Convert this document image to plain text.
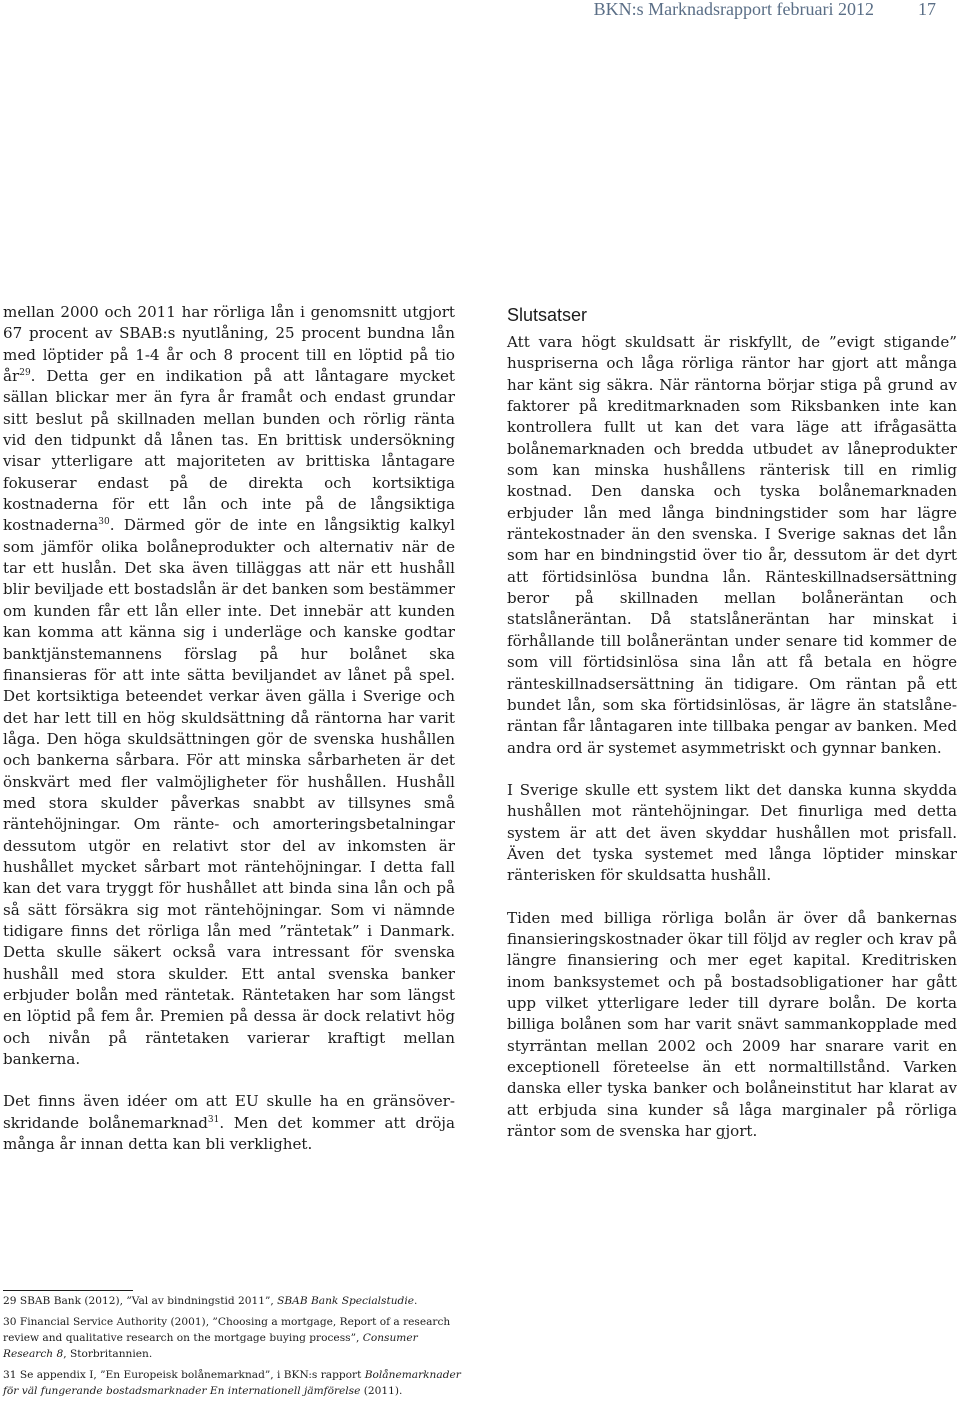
BKN:s Marknadsrapport februari 2012 17

mellan 2000 och 2011 har rörliga lån i genomsnitt utgjort 67 procent av SBAB:s nyutlåning, 25 procent bundna lån med löptider på 1-4 år och 8 procent till en löptid på tio $år^{29}$. Detta ger en indikation på att låntagare mycket sällan blickar mer än fyra år framåt och endast grundar sitt beslut på skillnaden mellan bunden och rörlig ränta vid den tidpunkt då lånen tas. En brittisk undersökning visar ytterligare att majoriteten av brittiska låntagare fokuserar endast på de direkta och kortsiktiga kostnaderna för ett lån och inte på de långsiktiga kostnaderna$^{30}$. Därmed gör de inte en långsiktig kalkyl som jämför olika bolåneprodukter och alternativ när de tar ett huslån. Det ska även tilläggas att när ett hushåll blir beviljade ett bostadslån är det banken som bestämmer om kunden får ett lån eller inte. Det innebär att kunden kan komma att känna sig i underläge och kanske godtar banktjänstemannens förslag på hur bolånet ska finansieras för att inte sätta beviljandet av lånet på spel. Det kortsiktiga beteendet verkar även gälla i Sverige och det har lett till en hög skuldsättning då räntorna har varit låga. Den höga skuldsättningen gör de svenska hushållen och bankerna sårbara. För att minska sårbarheten är det önskvärt med fler valmöjligheter för hushållen. Hushåll med stora skulder påverkas snabbt av tillsynes små räntehöjningar. Om ränte- och amorteringsbetalningar dessutom utgör en relativt stor del av inkomsten är hushållet mycket sårbart mot räntehöjningar. I detta fall kan det vara tryggt för hushållet att binda sina lån och på så sätt försäkra sig mot räntehöjningar. Som vi nämnde tidigare finns det rörliga lån med ”räntetak” i Danmark. Detta skulle säkert också vara intressant för svenska hushåll med stora skulder. Ett antal svenska banker erbjuder bolån med räntetak. Räntetaken har som längst en löptid på fem år. Premien på dessa är dock relativt hög och nivån på räntetaken varierar kraftigt mellan bankerna.

Det finns även idéer om att EU skulle ha en gränsöverskridande bolånemarknad$^{31}$. Men det kommer att dröja många år innan detta kan bli verklighet.

Slutsatser

Att vara högt skuldsatt är riskfyllt, de ”evigt stigande” huspriserna och låga rörliga räntor har gjort att många har känt sig säkra. När räntorna börjar stiga på grund av faktorer på kreditmarknaden som Riksbanken inte kan kontrollera fullt ut kan det vara läge att ifrågasätta bolånemarknaden och bredda utbudet av låneprodukter som kan minska hushållens ränterisk till en rimlig kostnad. Den danska och tyska bolånemarknaden erbjuder lån med långa bindningstider som har lägre räntekostnader än den svenska. I Sverige saknas det lån som har en bindningstid över tio år, dessutom är det dyrt att förtidsinlösa bundna lån. Ränteskillnadsersättning beror på skillnaden mellan bolåneräntan och statslåneräntan. Då statslåneräntan har minskat i förhållande till bolåneräntan under senare tid kommer de som vill förtidsinlösa sina lån att få betala en högre ränteskillnadsersättning än tidigare. Om räntan på ett bundet lån, som ska förtidsinlösas, är lägre än statslåneräntan får låntagaren inte tillbaka pengar av banken. Med andra ord är systemet asymmetriskt och gynnar banken.

I Sverige skulle ett system likt det danska kunna skydda hushållen mot räntehöjningar. Det finurliga med detta system är att det även skyddar hushållen mot prisfall. Även det tyska systemet med långa löptider minskar ränterisken för skuldsatta hushåll.

Tiden med billiga rörliga bolån är över då bankernas finansieringskostnader ökar till följd av regler och krav på längre finansiering och mer eget kapital. Kreditrisken inom banksystemet och på bostadsobligationer har gått upp vilket ytterligare leder till dyrare bolån. De korta billiga bolånen som har varit snävt sammankopplade med styrräntan mellan 2002 och 2009 har snarare varit en exceptionell företeelse än ett normaltillstånd. Varken danska eller tyska banker och bolåneinstitut har klarat av att erbjuda sina kunder så låga marginaler på rörliga räntor som de svenska har gjort.

29 SBAB Bank (2012), ”Val av bindningstid 2011”, SBAB Bank Specialstudie.

30 Financial Service Authority (2001), ”Choosing a mortgage, Report of a research review and qualitative research on the mortgage buying process”, Consumer Research 8, Storbritannien.

31 Se appendix I, ”En Europeisk bolånemarknad”, i BKN:s rapport Bolånemarknader för väl fungerande bostadsmarknader En internationell jämförelse (2011).
